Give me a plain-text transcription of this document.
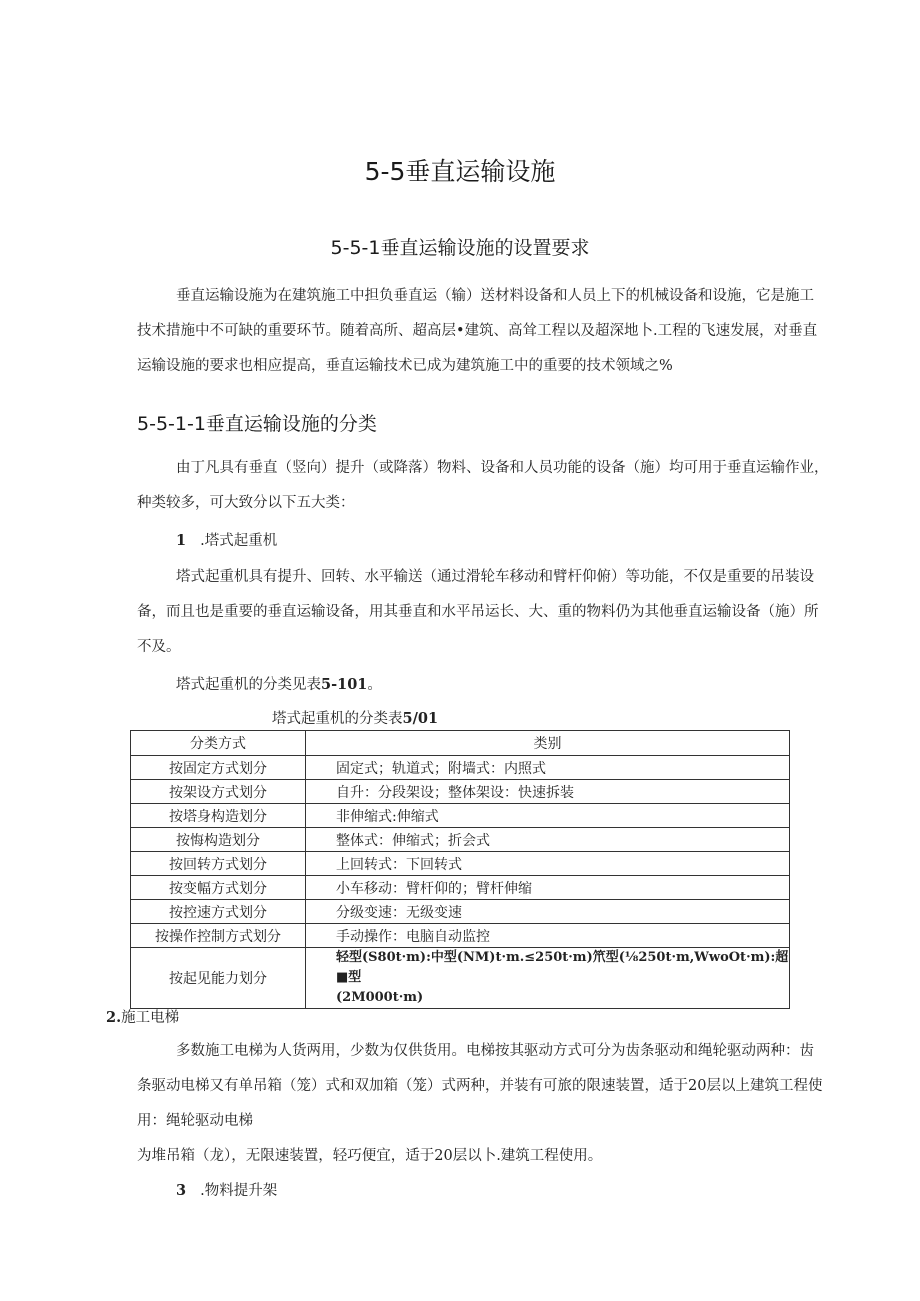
5-5垂直运输设施
5-5-1垂直运输设施的设置要求
垂直运输设施为在建筑施工中担负垂直运（输）送材料设备和人员上下的机械设备和设施，它是施工
技术措施中不可缺的重要环节。随着高所、超高层•建筑、高耸工程以及超深地卜.工程的飞速发展，对垂直
运输设施的要求也相应提高，垂直运输技术已成为建筑施工中的重要的技术领域之%
5-5-1-1垂直运输设施的分类
由丁凡具有垂直（竖向）提升（或降落）物料、设备和人员功能的设备（施）均可用于垂直运输作业，
种类较多，可大致分以下五大类：
1 .塔式起重机
塔式起重机具有提升、回转、水平输送（通过滑轮车移动和臂杆仰俯）等功能，不仅是重要的吊装设
备，而且也是重要的垂直运输设备，用其垂直和水平吊运长、大、重的物料仍为其他垂直运输设备（施）所
不及。
塔式起重机的分类见表5-101。
塔式起重机的分类表5/01
分类方式	类别
按固定方式划分	固定式；轨道式；附墙式：内照式
按架设方式划分	自升：分段架设；整体架设：快速拆装
按塔身构造划分	非伸缩式:伸缩式
按悔构造划分	整体式：伸缩式；折会式
按回转方式划分	上回转式：下回转式
按变幅方式划分	小车移动：臂杆仰的；臂杆伸缩
按控速方式划分	分级变速：无级变速
按操作控制方式划分	手动操作：电脑自动监控
按起见能力划分	轻型(S80t·m):中型(NM)t·m.≤250t·m)笊型(⅛250t·m,WwoOt·m):超■型
(2M000t·m)
2.施工电梯
多数施工电梯为人货两用，少数为仅供货用。电梯按其驱动方式可分为齿条驱动和绳轮驱动两种：齿
条驱动电梯又有单吊箱（笼）式和双加箱（笼）式两种，并装有可旅的限速装置，适于20层以上建筑工程使
用：绳轮驱动电梯
为堆吊箱（龙），无限速装置，轻巧便宜，适于20层以卜.建筑工程使用。
3 .物料提升架
